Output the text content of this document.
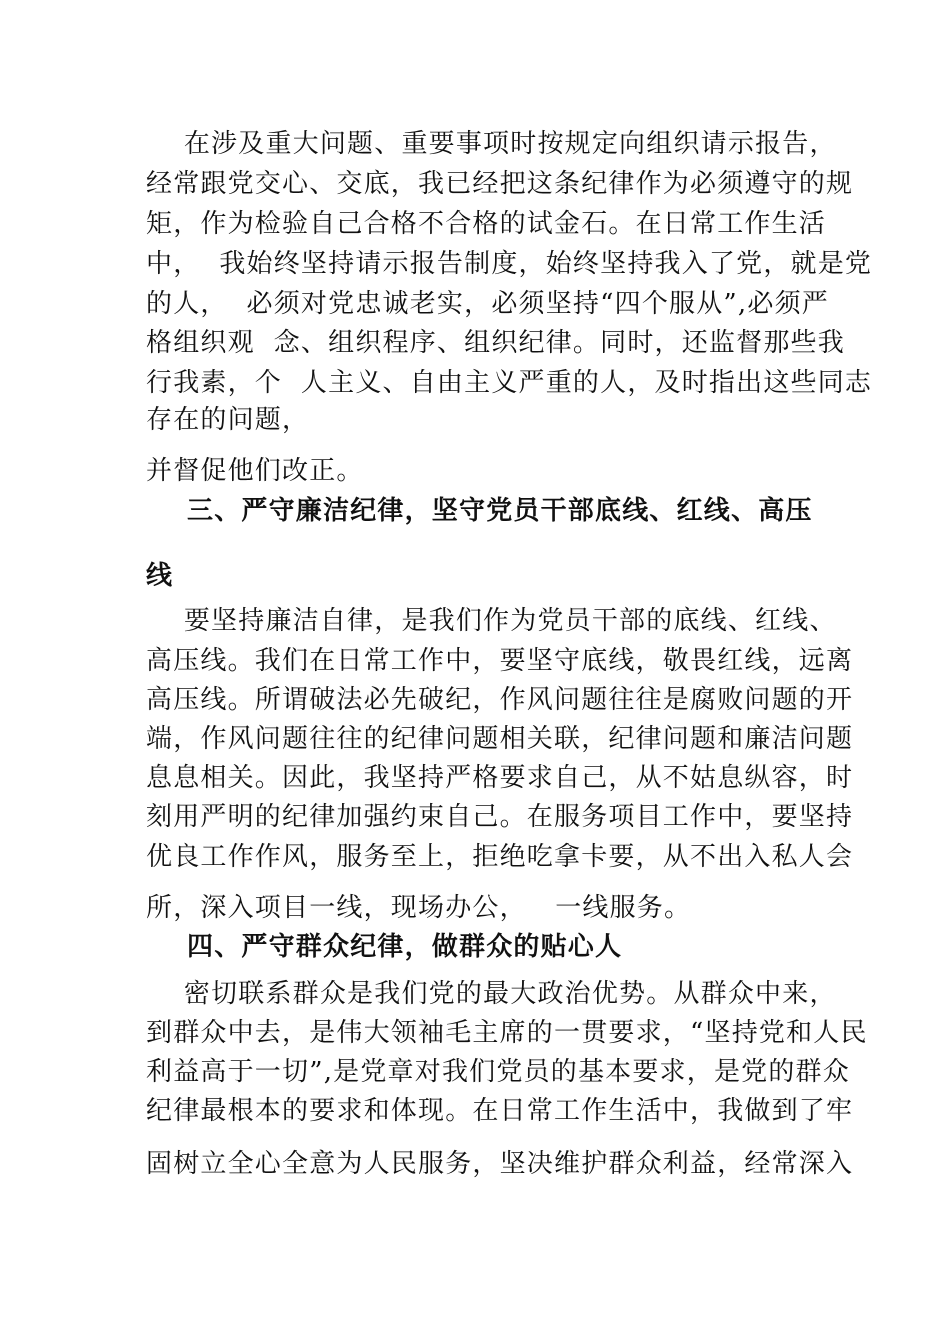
在涉及重大问题、重要事项时按规定向组织请示报告，
经常跟党交心、交底，我已经把这条纪律作为必须遵守的规
矩，作为检验自己合格不合格的试金石。在日常工作生活
中，  我始终坚持请示报告制度，始终坚持我入了党，就是党
的人，  必须对党忠诚老实，必须坚持“四个服从”,必须严
格组织观  念、组织程序、组织纪律。同时，还监督那些我
行我素，个  人主义、自由主义严重的人，及时指出这些同志
存在的问题，
并督促他们改正。
三、严守廉洁纪律，坚守党员干部底线、红线、高压
线
要坚持廉洁自律，是我们作为党员干部的底线、红线、
高压线。我们在日常工作中，要坚守底线，敬畏红线，远离
高压线。所谓破法必先破纪，作风问题往往是腐败问题的开
端，作风问题往往的纪律问题相关联，纪律问题和廉洁问题
息息相关。因此，我坚持严格要求自己，从不姑息纵容，时
刻用严明的纪律加强约束自己。在服务项目工作中，要坚持
优良工作作风，服务至上，拒绝吃拿卡要，从不出入私人会
所，深入项目一线，现场办公，   一线服务。
四、严守群众纪律，做群众的贴心人
密切联系群众是我们党的最大政治优势。从群众中来，
到群众中去，是伟大领袖毛主席的一贯要求，“坚持党和人民
利益高于一切”,是党章对我们党员的基本要求，是党的群众
纪律最根本的要求和体现。在日常工作生活中，我做到了牢
固树立全心全意为人民服务，坚决维护群众利益，经常深入
